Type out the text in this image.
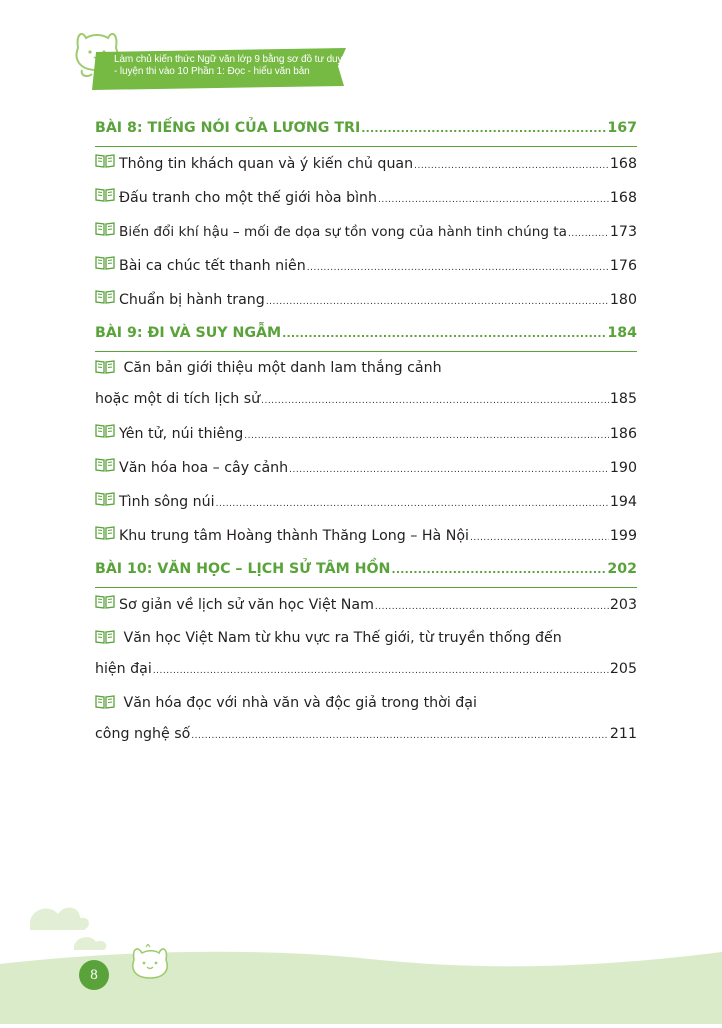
Làm chủ kiến thức Ngữ văn lớp 9 bằng sơ đồ tư duy
- luyện thi vào 10 Phần 1: Đọc - hiểu văn bản
BÀI 8: TIẾNG NÓI CỦA LƯƠNG TRI .....	167
Thông tin khách quan và ý kiến chủ quan .....	168
Đấu tranh cho một thế giới hòa bình .....	168
Biến đổi khí hậu – mối đe dọa sự tồn vong của hành tinh chúng ta .....	173
Bài ca chúc tết thanh niên .....	176
Chuẩn bị hành trang .....	180
BÀI 9: ĐI VÀ SUY NGẪM .....	184
Căn bản giới thiệu một danh lam thắng cảnh
hoặc một di tích lịch sử .....	185
Yên tử, núi thiêng .....	186
Văn hóa hoa – cây cảnh .....	190
Tình sông núi .....	194
Khu trung tâm Hoàng thành Thăng Long – Hà Nội .....	199
BÀI 10: VĂN HỌC – LỊCH SỬ TÂM HỒN .....	202
Sơ giản về lịch sử văn học Việt Nam .....	203
Văn học Việt Nam từ khu vực ra Thế giới, từ truyền thống đến
hiện đại .....	205
Văn hóa đọc với nhà văn và độc giả trong thời đại
công nghệ số .....	211
8
